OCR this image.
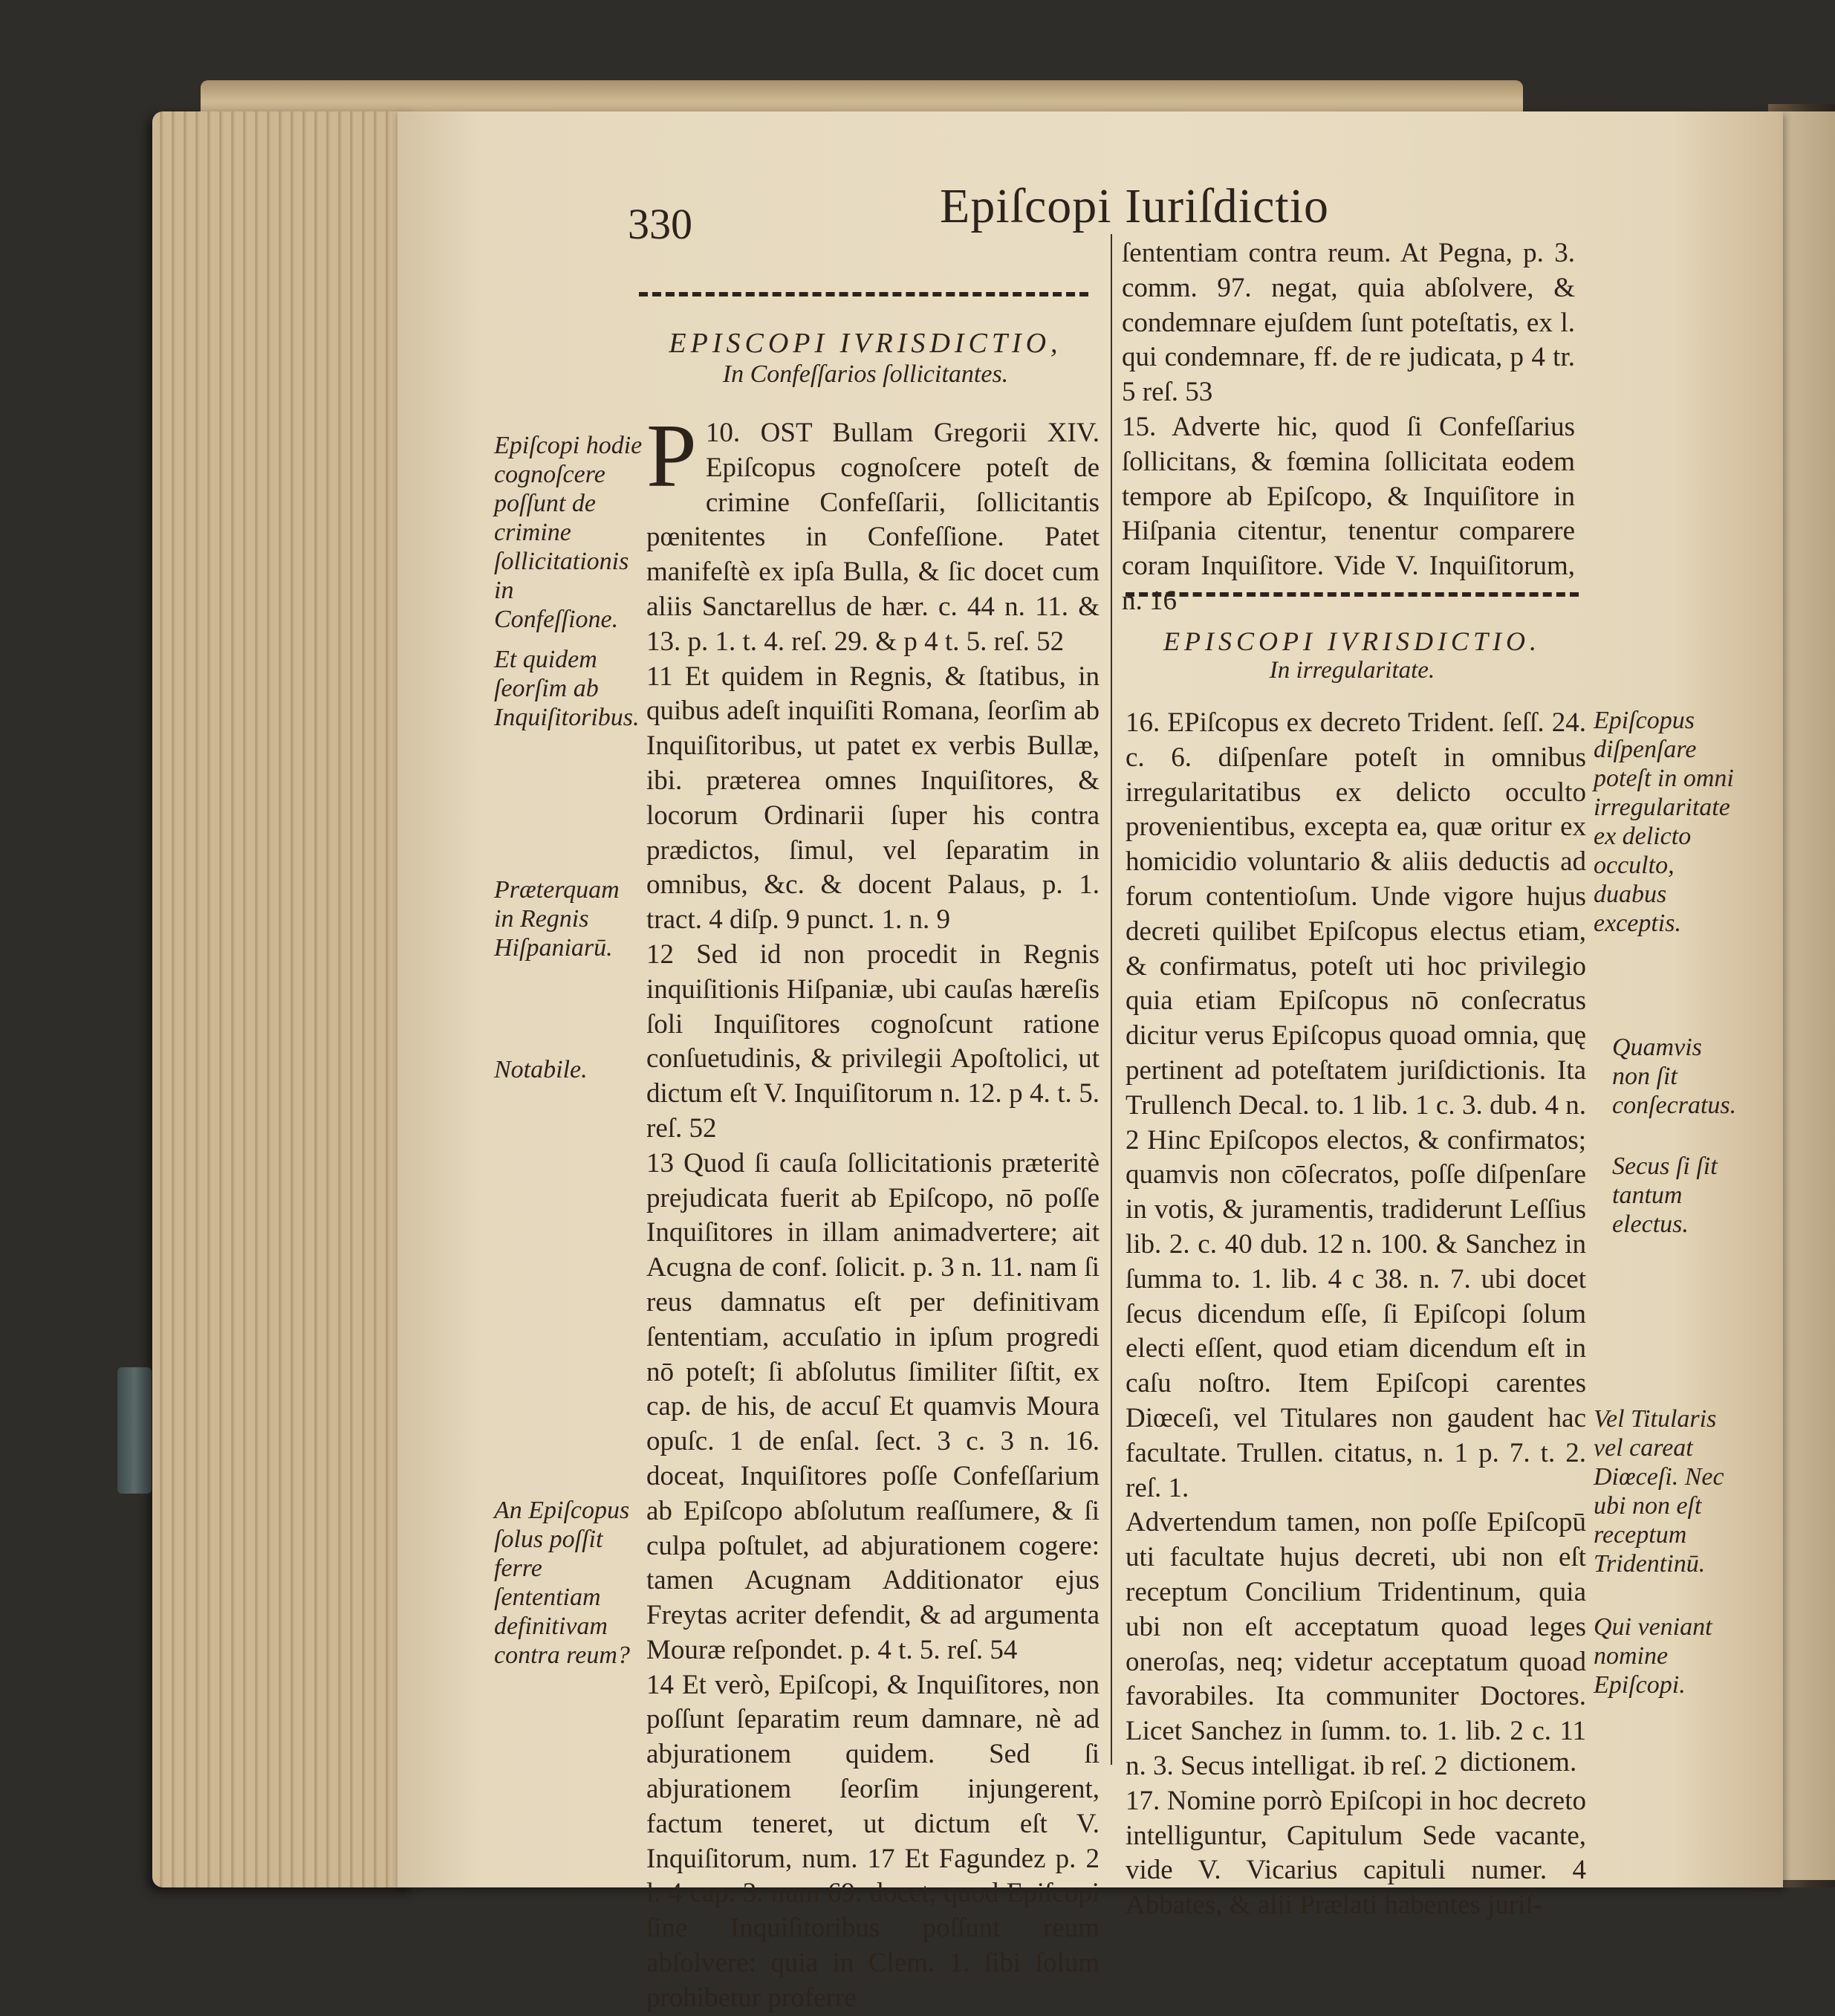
330	Epiſcopi Iuriſdictio
EPISCOPI IVRISDICTIO,
In Confeſſarios ſollicitantes.

10.
P OST Bullam Gregorii XIV. Epiſcopus cognoſcere poteſt de crimine Confeſſarii, ſollicitantis pœnitentes in Confeſſione. Patet manifeſtè ex ipſa Bulla, & ſic docet cum aliis Sanctarellus de hær. c. 44 n. 11. & 13. p. 1. t. 4. reſ. 29. & p 4 t. 5. reſ. 52

11 Et quidem in Regnis, & ſtatibus, in quibus adeſt inquiſiti Romana, ſeorſim ab Inquiſitoribus, ut patet ex verbis Bullæ, ibi. præterea omnes Inquiſitores, & locorum Ordinarii ſuper his contra prædictos, ſimul, vel ſeparatim in omnibus, &c. & docent Palaus, p. 1. tract. 4 diſp. 9 punct. 1. n. 9

12 Sed id non procedit in Regnis inquiſitionis Hiſpaniæ, ubi cauſas hæreſis ſoli Inquiſitores cognoſcunt ratione conſuetudinis, & privilegii Apoſtolici, ut dictum eſt V. Inquiſitorum n. 12. p 4. t. 5. reſ. 52

13 Quod ſi cauſa ſollicitationis præteritè prejudicata fuerit ab Epiſcopo, nō poſſe Inquiſitores in illam animadvertere; ait Acugna de conf. ſolicit. p. 3 n. 11. nam ſi reus damnatus eſt per definitivam ſententiam, accuſatio in ipſum progredi nō poteſt; ſi abſolutus ſimiliter ſiſtit, ex cap. de his, de accuſ Et quamvis Moura opuſc. 1 de enſal. ſect. 3 c. 3 n. 16. doceat, Inquiſitores poſſe Confeſſarium ab Epiſcopo abſolutum reaſſumere, & ſi culpa poſtulet, ad abjurationem cogere: tamen Acugnam Additionator ejus Freytas acriter defendit, & ad argumenta Mouræ reſpondet. p. 4 t. 5. reſ. 54

14 Et verò, Epiſcopi, & Inquiſitores, non poſſunt ſeparatim reum damnare, nè ad abjurationem quidem. Sed ſi abjurationem ſeorſim injungerent, factum teneret, ut dictum eſt V. Inquiſitorum, num. 17 Et Fagundez p. 2 l. 4 cap. 3. num 69. docet, quod Epiſcopi ſine Inquiſitoribus poſſunt reum abſolvere: quia in Clem. 1. ſibi ſolum prohibetur proferre

Epiſcopi hodie cognoſcere poſſunt de crimine ſollicitationis in Confeſſione.
Et quidem ſeorſim ab Inquiſitoribus.
Præterquam in Regnis Hiſpaniarū.
Notabile.
An Epiſcopus ſolus poſſit ferre ſententiam definitivam contra reum?

ſententiam contra reum. At Pegna, p. 3. comm. 97. negat, quia abſolvere, & condemnare ejuſdem ſunt poteſtatis, ex l. qui condemnare, ff. de re judicata, p 4 tr. 5 reſ. 53

15. Adverte hic, quod ſi Confeſſarius ſollicitans, & fœmina ſollicitata eodem tempore ab Epiſcopo, & Inquiſitore in Hiſpania citentur, tenentur comparere coram Inquiſitore. Vide V. Inquiſitorum, n. 16

EPISCOPI IVRISDICTIO.
In irregularitate.

16. EPiſcopus ex decreto Trident. ſeſſ. 24. c. 6. diſpenſare poteſt in omnibus irregularitatibus ex delicto occulto provenientibus, excepta ea, quæ oritur ex homicidio voluntario & aliis deductis ad forum contentioſum. Unde vigore hujus decreti quilibet Epiſcopus electus etiam, & confirmatus, poteſt uti hoc privilegio quia etiam Epiſcopus nō conſecratus dicitur verus Epiſcopus quoad omnia, quę pertinent ad poteſtatem juriſdictionis. Ita Trullench Decal. to. 1 lib. 1 c. 3. dub. 4 n. 2 Hinc Epiſcopos electos, & confirmatos; quamvis non cōſecratos, poſſe diſpenſare in votis, & juramentis, tradiderunt Leſſius lib. 2. c. 40 dub. 12 n. 100. & Sanchez in ſumma to. 1. lib. 4 c 38. n. 7. ubi docet ſecus dicendum eſſe, ſi Epiſcopi ſolum electi eſſent, quod etiam dicendum eſt in caſu noſtro. Item Epiſcopi carentes Diœceſi, vel Titulares non gaudent hac facultate. Trullen. citatus, n. 1 p. 7. t. 2. reſ. 1.

Advertendum tamen, non poſſe Epiſcopū uti facultate hujus decreti, ubi non eſt receptum Concilium Tridentinum, quia ubi non eſt acceptatum quoad leges oneroſas, neq; videtur acceptatum quoad favorabiles. Ita communiter Doctores. Licet Sanchez in ſumm. to. 1. lib. 2 c. 11 n. 3. Secus intelligat. ib reſ. 2

17. Nomine porrò Epiſcopi in hoc decreto intelliguntur, Capitulum Sede vacante, vide V. Vicarius capituli numer. 4 Abbates, & alii Prælati habentes juriſ-

dictionem.
Epiſcopus diſpenſare poteſt in omni irregularitate ex delicto occulto, duabus exceptis.
Quamvis non ſit conſecratus.
Secus ſi ſit tantum electus.
Vel Titularis vel careat Diœceſi. Nec ubi non eſt receptum Tridentinū.
Qui veniant nomine Epiſcopi.
